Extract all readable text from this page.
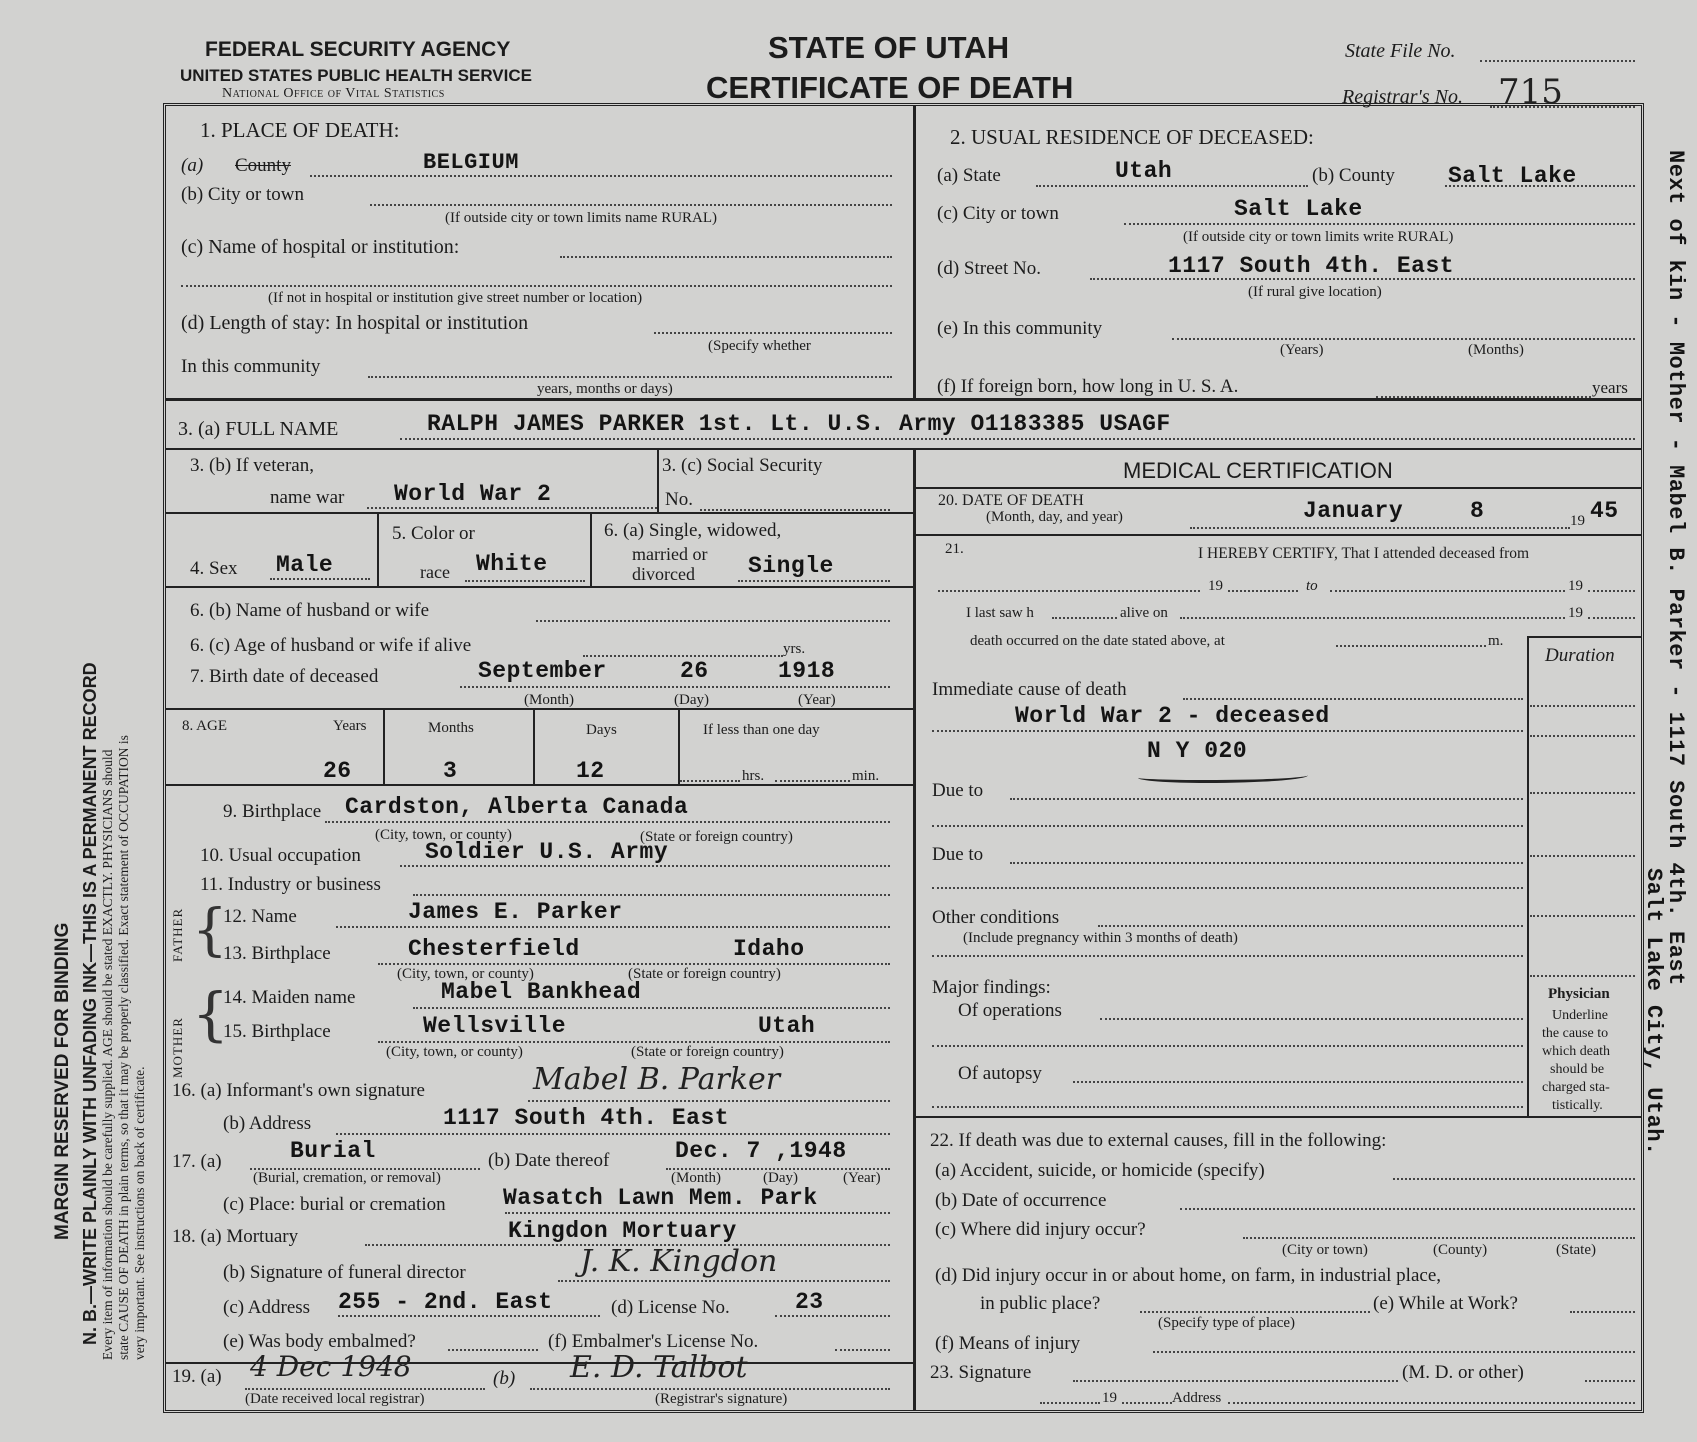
MARGIN RESERVED FOR BINDING N. B.—WRITE PLAINLY WITH UNFADING INK—THIS IS A PERMANENT RECORD Every item of information should be carefully supplied. AGE should be stated EXACTLY. PHYSICIANS should state CAUSE OF DEATH in plain terms, so that it may be properly classified. Exact statement of OCCUPATION is very important. See instructions on back of certificate.
Next of kin - Mother - Mabel B. Parker - 1117 South 4th. East
Salt Lake City, Utah.
FEDERAL SECURITY AGENCY
UNITED STATES PUBLIC HEALTH SERVICE
National Office of Vital Statistics
STATE OF UTAH
CERTIFICATE OF DEATH
State File No.
Registrar's No. 715
1. PLACE OF DEATH:
(a) County	BELGIUM
(b) City or town
(If outside city or town limits name RURAL)
(c) Name of hospital or institution:
(If not in hospital or institution give street number or location)
(d) Length of stay: In hospital or institution
(Specify whether
In this community
years, months or days)
2. USUAL RESIDENCE OF DECEASED:
(a) State	Utah	(b) County Salt Lake
(c) City or town	Salt Lake
(If outside city or town limits write RURAL)
(d) Street No.	1117 South 4th. East
(If rural give location)
(e) In this community
(Years)	(Months)
(f) If foreign born, how long in U. S. A.	years
3. (a) FULL NAME	RALPH JAMES PARKER 1st. Lt. U.S. Army O1183385 USAGF
3. (b) If veteran,
name war World War 2
3. (c) Social Security
No.
4. Sex Male
5. Color or
race White
6. (a) Single, widowed,
married or
divorced Single
6. (b) Name of husband or wife
6. (c) Age of husband or wife if alive	yrs.
7. Birth date of deceased	September	26	1918
(Month)	(Day)	(Year)
8. AGE	Years	Months	Days	If less than one day
26	3	12	hrs.	min.
9. Birthplace Cardston, Alberta Canada
(City, town, or county)	(State or foreign country)
10. Usual occupation	Soldier U.S. Army
11. Industry or business
FATHER
MOTHER
{
{
12. Name	James E. Parker
13. Birthplace	Chesterfield	Idaho
(City, town, or county)	(State or foreign country)
14. Maiden name	Mabel Bankhead
15. Birthplace	Wellsville	Utah
(City, town, or county)	(State or foreign country)
16. (a) Informant's own signature	Mabel B. Parker
(b) Address	1117 South 4th. East
17. (a)	Burial
(Burial, cremation, or removal)
(b) Date thereof	Dec. 7 ,1948
(Month)	(Day)	(Year)
(c) Place: burial or cremation Wasatch Lawn Mem. Park
18. (a) Mortuary	Kingdon Mortuary
(b) Signature of funeral director	J. K. Kingdon
(c) Address 255 - 2nd. East	(d) License No.	23
(e) Was body embalmed?	(f) Embalmer's License No.
19. (a) 4 Dec 1948	(b) E. D. Talbot
(Date received local registrar)	(Registrar's signature)
MEDICAL CERTIFICATION
20. DATE OF DEATH
(Month, day, and year)	January	8	19 45
21.	I HEREBY CERTIFY, That I attended deceased from
19	to	19
I last saw h	alive on	19
death occurred on the date stated above, at	m.
Duration
Physician
Underline
the cause to
which death
should be
charged sta-
tistically.
Immediate cause of death
World War 2 - deceased
N Y 020
Due to
Due to
Other conditions
(Include pregnancy within 3 months of death)
Major findings:
Of operations
Of autopsy
22. If death was due to external causes, fill in the following:
(a) Accident, suicide, or homicide (specify)
(b) Date of occurrence
(c) Where did injury occur?
(City or town)	(County)	(State)
(d) Did injury occur in or about home, on farm, in industrial place,
in public place?	(e) While at Work?
(Specify type of place)
(f) Means of injury
23. Signature	(M. D. or other)
19	Address
